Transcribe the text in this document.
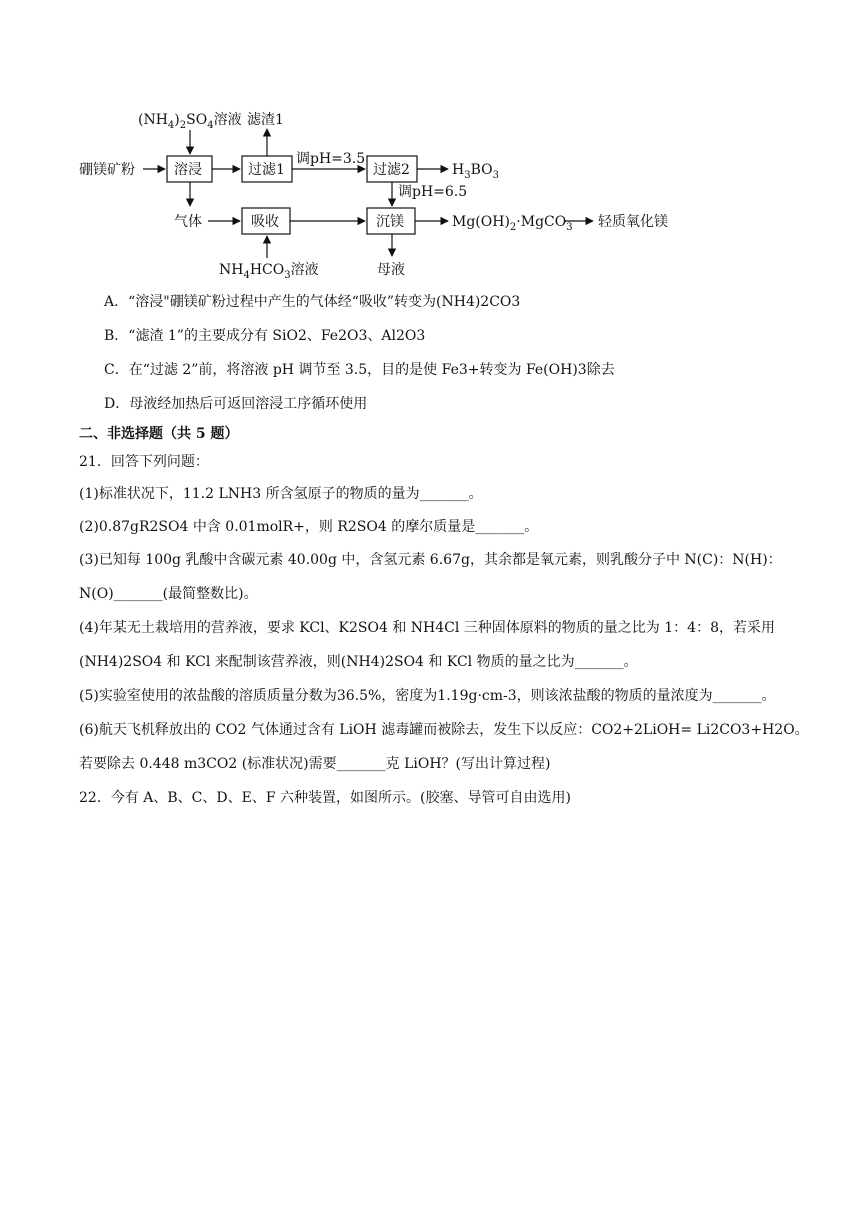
$(NH_4)_2SO_4$溶液 滤渣1
硼镁矿粉	溶浸	过滤1
调pH=3.5
过滤2	$H_3BO_3$
调pH=6.5
气体	吸收	沉镁	$Mg(OH)_2\cdot MgCO_3$ 轻质氧化镁
$NH_4HCO_3$溶液	母液
A．“溶浸"硼镁矿粉过程中产生的气体经“吸收”转变为(NH4)2CO3
B．“滤渣 1”的主要成分有 SiO2、Fe2O3、Al2O3
C．在“过滤 2”前，将溶液 pH 调节至 3.5，目的是使 Fe3+转变为 Fe(OH)3除去
D．母液经加热后可返回溶浸工序循环使用
二、非选择题（共 5 题）
21．回答下列问题：
(1)标准状况下，11.2 LNH3 所含氢原子的物质的量为_______。
(2)0.87gR2SO4 中含 0.01molR+，则 R2SO4 的摩尔质量是_______。
(3)已知每 100g 乳酸中含碳元素 40.00g 中，含氢元素 6.67g，其余都是氧元素，则乳酸分子中 N(C)：N(H)：
N(O)_______(最简整数比)。
(4)年某无土栽培用的营养液，要求 KCl、K2SO4 和 NH4Cl 三种固体原料的物质的量之比为 1：4：8，若采用
(NH4)2SO4 和 KCl 来配制该营养液，则(NH4)2SO4 和 KCl 物质的量之比为_______。
(5)实验室使用的浓盐酸的溶质质量分数为36.5%，密度为1.19g·cm-3，则该浓盐酸的物质的量浓度为_______。
(6)航天飞机释放出的 CO2 气体通过含有 LiOH 滤毒罐而被除去，发生下以反应：CO2+2LiOH= Li2CO3+H2O。
若要除去 0.448 m3CO2 (标准状况)需要_______克 LiOH？(写出计算过程)
22．今有 A、B、C、D、E、F 六种装置，如图所示。(胶塞、导管可自由选用)
